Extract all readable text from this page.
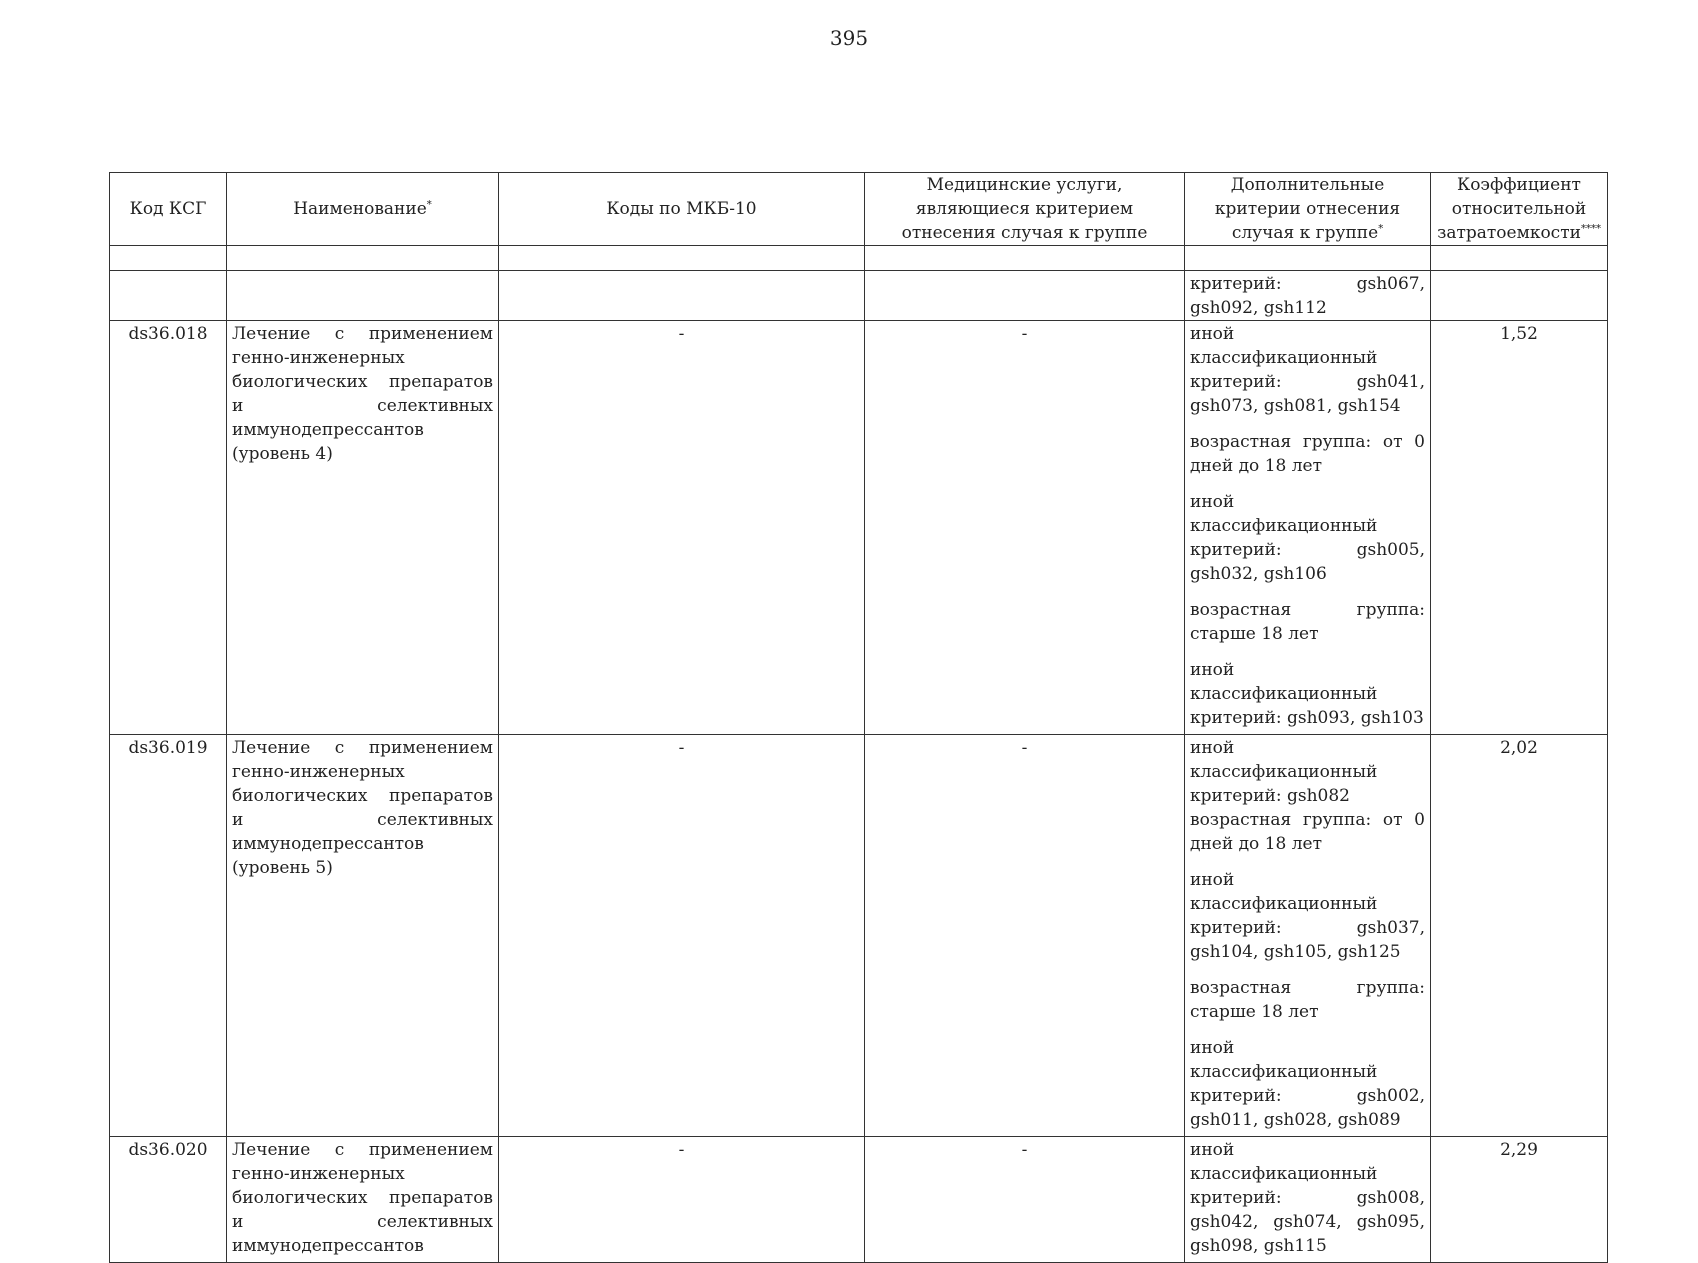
395
Код КСГ	Наименование*	Коды по МКБ-10	Медицинские услуги, являющиеся критерием отнесения случая к группе	Дополнительные критерии отнесения случая к группе*	Коэффициент относительной затратоемкости****

				критерий: gsh067, gsh092, gsh112	

ds36.018	Лечение с применением генно-инженерных биологических препаратов и селективных иммунодепрессантов (уровень 4)	-	-	иной классификационный критерий: gsh041, gsh073, gsh081, gsh154

возрастная группа: от 0 дней до 18 лет

иной классификационный критерий: gsh005, gsh032, gsh106

возрастная группа: старше 18 лет

иной классификационный критерий: gsh093, gsh103	1,52
ds36.019	Лечение с применением генно-инженерных биологических препаратов и селективных иммунодепрессантов (уровень 5)	-	-	иной классификационный критерий: gsh082

возрастная группа: от 0 дней до 18 лет

иной классификационный критерий: gsh037, gsh104, gsh105, gsh125

возрастная группа: старше 18 лет

иной классификационный критерий: gsh002, gsh011, gsh028, gsh089	2,02
ds36.020	Лечение с применением генно-инженерных биологических препаратов и селективных иммунодепрессантов	-	-	иной классификационный критерий: gsh008, gsh042, gsh074, gsh095, gsh098, gsh115	2,29
